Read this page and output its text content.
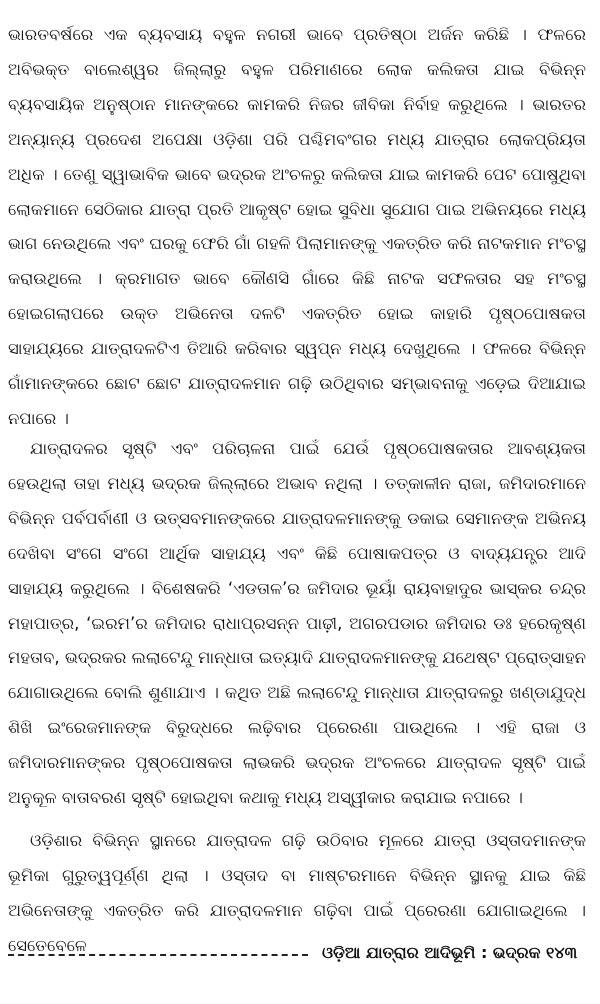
ଭାରତବର୍ଷରେ ଏକ ବ୍ୟବସାୟ ବହୁଳ ନଗରୀ ଭାବେ ପ୍ରତିଷ୍ଠା ଅର୍ଜନ କରିଛି । ଫଳରେ ଅବିଭକ୍ତ ବାଲେଶ୍ୱର ଜିଲ୍ଲାରୁ ବହୁଳ ପରିମାଣରେ ଲୋକ କଲିକତା ଯାଇ ବିଭିନ୍ନ ବ୍ୟବସାୟିକ ଅନୁଷ୍ଠାନ ମାନଙ୍କରେ କାମକରି ନିଜର ଜୀବିକା ନିର୍ବାହ କରୁଥିଲେ । ଭାରତର ଅନ୍ୟାନ୍ୟ ପ୍ରଦେଶ ଅପେକ୍ଷା ଓଡ଼ିଶା ପରି ପଶ୍ଚିମବଂଗର ମଧ୍ୟ ଯାତ୍ରାର ଲୋକପ୍ରିୟତା ଅଧିକ । ତେଣୁ ସ୍ୱାଭାବିକ ଭାବେ ଭଦ୍ରକ ଅଂଚଳରୁ କଲିକତା ଯାଇ କାମକରି ପେଟ ପୋଷୁଥିବା ଲୋକମାନେ ସେଠିକାର ଯାତ୍ରା ପ୍ରତି ଆକୃଷ୍ଟ ହୋଇ ସୁବିଧା ସୁଯୋଗ ପାଇ ଅଭିନୟରେ ମଧ୍ୟ ଭାଗ ନେଉଥିଲେ ଏବଂ ଘରକୁ ଫେରି ଗାଁ ଗହଳି ପିଲାମାନଙ୍କୁ ଏକତ୍ରିତ କରି ନାଟକମାନ ମଂଚସ୍ଥ କରାଉଥିଲେ । କ୍ରମାଗତ ଭାବେ କୌଣସି ଗାଁରେ କିଛି ନାଟକ ସଫଳତାର ସହ ମଂଚସ୍ଥ ହୋଇଗଲାପରେ ଉକ୍ତ ଅଭିନେତା ଦଳଟି ଏକତ୍ରିତ ହୋଇ କାହାରି ପୃଷ୍ଠପୋଷକତା ସାହାଯ୍ୟରେ ଯାତ୍ରାଦଳଟିଏ ତିଆରି କରିବାର ସ୍ୱପ୍ନ ମଧ୍ୟ ଦେଖୁଥିଲେ । ଫଳରେ ବିଭିନ୍ନ ଗାଁମାନଙ୍କରେ ଛୋଟ ଛୋଟ ଯାତ୍ରାଦଳମାନ ଗଢ଼ି ଉଠିଥିବାର ସମ୍ଭାବନାକୁ ଏଡ଼େଇ ଦିଆଯାଇ ନପାରେ ।

ଯାତ୍ରାଦଳର ସୃଷ୍ଟି ଏବଂ ପରିଚାଳନା ପାଇଁ ଯେଉଁ ପୃଷ୍ଠପୋଷକତାର ଆବଶ୍ୟକତା ହେଉଥିଲା ତାହା ମଧ୍ୟ ଭଦ୍ରକ ଜିଲ୍ଲାରେ ଅଭାବ ନଥିଲା । ତତ୍‌କାଳୀନ ରାଜା, ଜମିଦାରମାନେ ବିଭିନ୍ନ ପର୍ବପର୍ବାଣୀ ଓ ଉତ୍ସବମାନଙ୍କରେ ଯାତ୍ରାଦଳମାନଙ୍କୁ ଡକାଇ ସେମାନଙ୍କ ଅଭିନୟ ଦେଖିବା ସଂଗେ ସଂଗେ ଆର୍ଥିକ ସାହାଯ୍ୟ ଏବଂ କିଛି ପୋଷାକପତ୍ର ଓ ବାଦ୍ୟଯନ୍ତ୍ର ଆଦି ସାହାଯ୍ୟ କରୁଥିଲେ । ବିଶେଷକରି ‘ଏଡତାଳ’ର ଜମିଦାର ଭୂୟାଁ ରାୟବାହାଦୁର ଭାସ୍କର ଚନ୍ଦ୍ର ମହାପାତ୍ର, ‘ଇରମ’ର ଜମିଦାର ରାଧାପ୍ରସନ୍ନ ପାଢ଼ୀ, ଅଗରପଡାର ଜମିଦାର ଡଃ ହରେକୃଷ୍ଣ ମହତାବ, ଭଦ୍ରକର ଲଲାଟେନ୍ଦୁ ମାନ୍ଧାତା ଇତ୍ୟାଦି ଯାତ୍ରାଦଳମାନଙ୍କୁ ଯଥେଷ୍ଟ ପ୍ରୋତ୍ସାହନ ଯୋଗାଉଥିଲେ ବୋଲି ଶୁଣାଯାଏ । କଥିତ ଅଛି ଲଲାଟେନ୍ଦୁ ମାନ୍ଧାତା ଯାତ୍ରାଦଳରୁ ଖଣ୍ଡାଯୁଦ୍ଧ ଶିଖି ଇଂରେଜମାନଙ୍କ ବିରୁଦ୍ଧରେ ଲଢ଼ିବାର ପ୍ରେରଣା ପାଉଥିଲେ । ଏହି ରାଜା ଓ ଜମିଦାରମାନଙ୍କର ପୃଷ୍ଠପୋଷକତା ଲାଭକରି ଭଦ୍ରକ ଅଂଚଳରେ ଯାତ୍ରାଦଳ ସୃଷ୍ଟି ପାଇଁ ଅନୁକୂଳ ବାତାବରଣ ସୃଷ୍ଟି ହୋଇଥିବା କଥାକୁ ମଧ୍ୟ ଅସ୍ୱୀକାର କରାଯାଇ ନପାରେ ।

ଓଡ଼ିଶାର ବିଭିନ୍ନ ସ୍ଥାନରେ ଯାତ୍ରାଦଳ ଗଢ଼ି ଉଠିବାର ମୂଳରେ ଯାତ୍ରା ଓସ୍ତାଦମାନଙ୍କ ଭୂମିକା ଗୁରୁତ୍ୱପୂର୍ଣ୍ଣ ଥିଲା । ଓସ୍ତାଦ ବା ମାଷ୍ଟରମାନେ ବିଭିନ୍ନ ସ୍ଥାନକୁ ଯାଇ କିଛି ଅଭିନେତାଙ୍କୁ ଏକତ୍ରିତ କରି ଯାତ୍ରାଦଳମାନ ଗଢ଼ିବା ପାଇଁ ପ୍ରେରଣା ଯୋଗାଇଥିଲେ । ସେତେବେଳେ	ଓଡ଼ିଆ ଯାତ୍ରାର ଆଦିଭୂମି : ଭଦ୍ରକ ୧୪୩
